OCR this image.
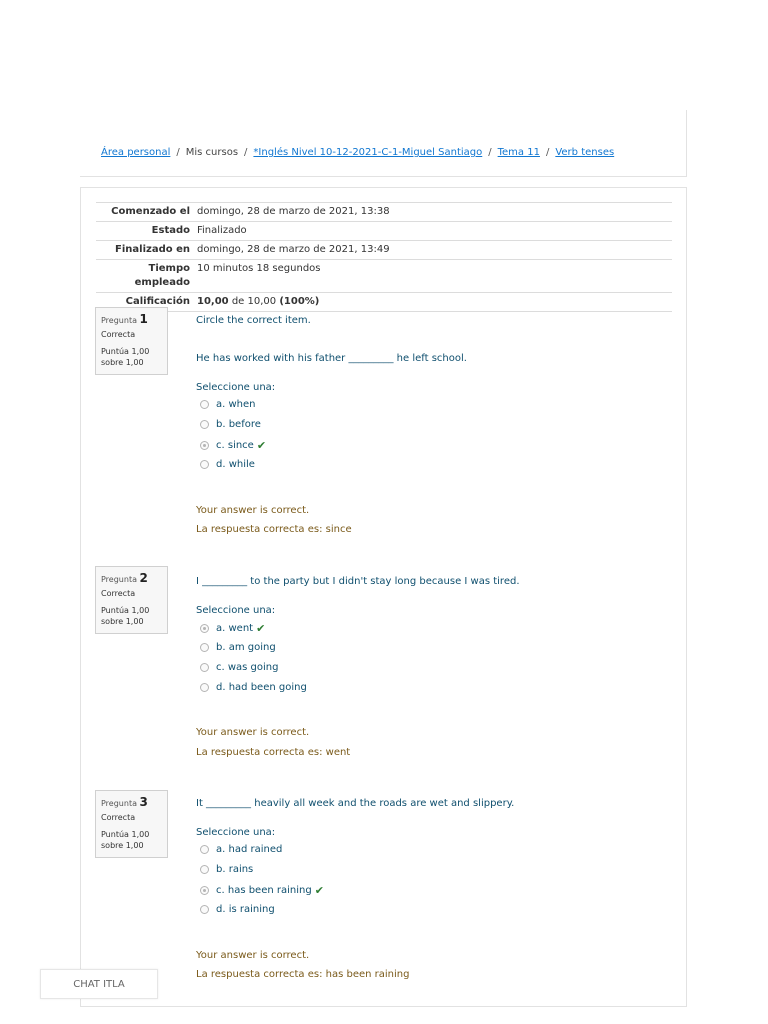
Área personal / Mis cursos / *Inglés Nivel 10-12-2021-C-1-Miguel Santiago / Tema 11 / Verb tenses
Comenzado el	domingo, 28 de marzo de 2021, 13:38
Estado	Finalizado
Finalizado en	domingo, 28 de marzo de 2021, 13:49
Tiempo
empleado	10 minutos 18 segundos
Calificación	10,00 de 10,00 (100%)
Pregunta 1
Correcta
Puntúa 1,00
sobre 1,00
Circle the correct item.
He has worked with his father _________ he left school.
Seleccione una:
a. when
b. before
c. since ✔
d. while
Your answer is correct.
La respuesta correcta es: since
Pregunta 2
Correcta
Puntúa 1,00
sobre 1,00
I _________ to the party but I didn't stay long because I was tired.
Seleccione una:
a. went ✔
b. am going
c. was going
d. had been going
Your answer is correct.
La respuesta correcta es: went
Pregunta 3
Correcta
Puntúa 1,00
sobre 1,00
It _________ heavily all week and the roads are wet and slippery.
Seleccione una:
a. had rained
b. rains
c. has been raining ✔
d. is raining
Your answer is correct.
La respuesta correcta es: has been raining
CHAT ITLA
